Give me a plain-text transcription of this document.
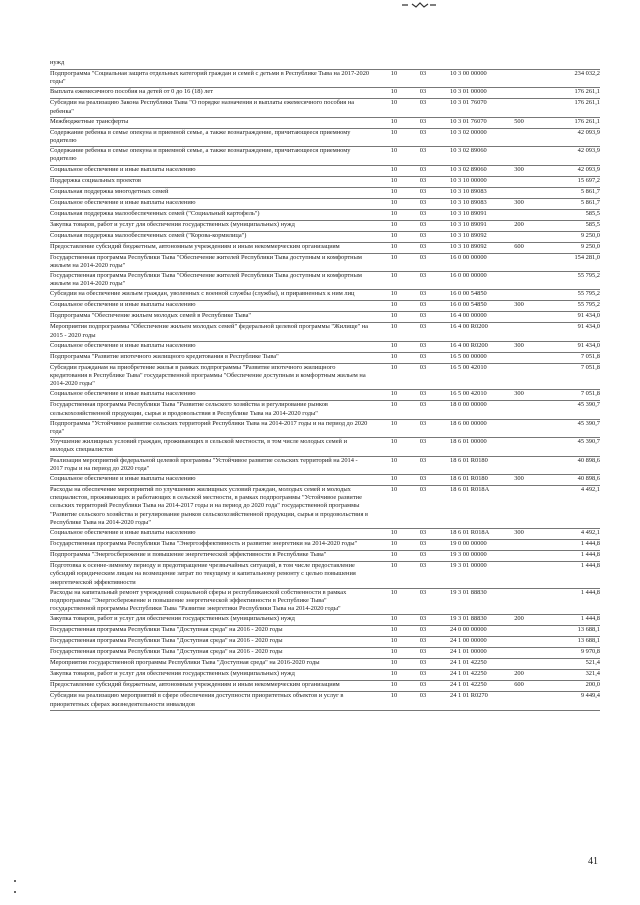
нужд
Подпрограмма "Социальная защита отдельных категорий граждан и семей с детьми в Республике Тыва на 2017-2020 годы"
10	03	10 3 00 00000	234 032,2
Выплата ежемесячного пособия на детей от 0 до 16 (18) лет	10	03	10 3 01 00000	176 261,1
Субсидии на реализацию Закона Республики Тыва "О порядке назначения и выплаты ежемесячного пособия на ребенка"
10	03	10 3 01 76070	176 261,1
Межбюджетные трансферты	10	03	10 3 01 76070	500	176 261,1
Содержание ребенка в семье опекуна и приемной семье, а также вознаграждение, причитающееся приемному родителю
10	03	10 3 02 00000	42 093,9
Содержание ребенка в семье опекуна и приемной семье, а также вознаграждение, причитающееся приемному родителю
10	03	10 3 02 89060	42 093,9
Социальное обеспечение и иные выплаты населению	10	03	10 3 02 89060	300	42 093,9
Поддержка социальных проектов	10	03	10 3 10 00000	15 697,2
Социальная поддержка многодетных семей	10	03	10 3 10 89083	5 861,7
Социальное обеспечение и иные выплаты населению	10	03	10 3 10 89083	300	5 861,7
Социальная поддержка малообеспеченных семей ("Социальный картофель")	10	03	10 3 10 89091	585,5
Закупка товаров, работ и услуг для обеспечения государственных (муниципальных) нужд	10	03	10 3 10 89091	200	585,5
Социальная поддержка малообеспеченных семей ("Корова-кормилица")	10	03	10 3 10 89092	9 250,0
Предоставление субсидий бюджетным, автономным учреждениям и иным некоммерческим организациям	10	03	10 3 10 89092	600	9 250,0
Государственная программа Республики Тыва "Обеспечение жителей Республики Тыва доступным и комфортным жильем на 2014-2020 годы"
10	03	16 0 00 00000	154 281,0
Государственная программа Республики Тыва "Обеспечение жителей Республики Тыва доступным и комфортным жильем на 2014-2020 годы"
10	03	16 0 00 00000	55 795,2
Субсидии на обеспечение жильем граждан, уволенных с военной службы (службы), и приравненных к ним лиц	10	03	16 0 00 54850	55 795,2
Социальное обеспечение и иные выплаты населению	10	03	16 0 00 54850	300	55 795,2
Подпрограмма "Обеспечение жильем молодых семей в Республике Тыва"	10	03	16 4 00 00000	91 434,0
Мероприятия подпрограммы "Обеспечение жильем молодых семей" федеральной целевой программы "Жилище" на 2015 - 2020 годы
10	03	16 4 00 R0200	91 434,0
Социальное обеспечение и иные выплаты населению	10	03	16 4 00 R0200	300	91 434,0
Подпрограмма "Развитие ипотечного жилищного кредитования в Республике Тыва"	10	03	16 5 00 00000	7 051,8
Субсидии гражданам на приобретение жилья в рамках подпрограммы "Развитие ипотечного жилищного кредитования в Республике Тыва" государственной программы "Обеспечение доступным и комфортным жильем на 2014-2020 годы"
10	03	16 5 00 42010	7 051,8
Социальное обеспечение и иные выплаты населению	10	03	16 5 00 42010	300	7 051,8
Государственная программа Республики Тыва "Развитие сельского хозяйства и регулирование рынков сельскохозяйственной продукции, сырья и продовольствия в Республике Тыва на 2014-2020 годы"
10	03	18 0 00 00000	45 390,7
Подпрограмма "Устойчивое развитие сельских территорий Республики Тыва на 2014-2017 годы и на период до 2020 года"
10	03	18 6 00 00000	45 390,7
Улучшение жилищных условий граждан, проживающих в сельской местности, в том числе молодых семей и молодых специалистов
10	03	18 6 01 00000	45 390,7
Реализация мероприятий федеральной целевой программы "Устойчивое развитие сельских территорий на 2014 - 2017 годы и на период до 2020 года"
10	03	18 6 01 R0180	40 898,6
Социальное обеспечение и иные выплаты населению	10	03	18 6 01 R0180	300	40 898,6
Расходы на обеспечение мероприятий по улучшению жилищных условий граждан, молодых семей и молодых специалистов, проживающих и работающих в сельской местности, в рамках подпрограммы "Устойчивое развитие сельских территорий Республики Тыва на 2014-2017 годы и на период до 2020 года" государственной программы "Развитие сельского хозяйства и регулирование рынков сельскохозяйственной продукции, сырья и продовольствия в Республике Тыва на 2014-2020 годы"
10	03	18 6 01 R018A	4 492,1
Социальное обеспечение и иные выплаты населению	10	03	18 6 01 R018A	300	4 492,1
Государственная программа Республики Тыва "Энергоэффективность и развитие энергетики на 2014-2020 годы"	10	03	19 0 00 00000	1 444,8
Подпрограмма "Энергосбережение и повышение энергетической эффективности в Республике Тыва"	10	03	19 3 00 00000	1 444,8
Подготовка к осенне-зимнему периоду и предотвращение чрезвычайных ситуаций, в том числе предоставление субсидий юридическим лицам на возмещение затрат по текущему и капитальному ремонту с целью повышения энергетической эффективности
10	03	19 3 01 00000	1 444,8
Расходы на капитальный ремонт учреждений социальной сферы и республиканской собственности в рамках подпрограммы "Энергосбережение и повышение энергетической эффективности в Республике Тыва" государственной программы Республики Тыва "Развитие энергетики Республики Тыва на 2014-2020 годы"
10	03	19 3 01 88830	1 444,8
Закупка товаров, работ и услуг для обеспечения государственных (муниципальных) нужд	10	03	19 3 01 88830	200	1 444,8
Государственная программа Республики Тыва "Доступная среда" на 2016 - 2020 годы	10	03	24 0 00 00000	13 688,1
Государственная программа Республики Тыва "Доступная среда" на 2016 - 2020 годы	10	03	24 1 00 00000	13 688,1
Государственная программа Республики Тыва "Доступная среда" на 2016 - 2020 годы	10	03	24 1 01 00000	9 970,8
Мероприятия государственной программы Республики Тыва "Доступная среда" на 2016-2020 годы	10	03	24 1 01 42250	521,4
Закупка товаров, работ и услуг для обеспечения государственных (муниципальных) нужд	10	03	24 1 01 42250	200	321,4
Предоставление субсидий бюджетным, автономным учреждениям и иным некоммерческим организациям	10	03	24 1 01 42250	600	200,0
Субсидии на реализацию мероприятий в сфере обеспечения доступности приоритетных объектов и услуг в приоритетных сферах жизнедеятельности инвалидов
10	03	24 1 01 R0270	9 449,4
41
